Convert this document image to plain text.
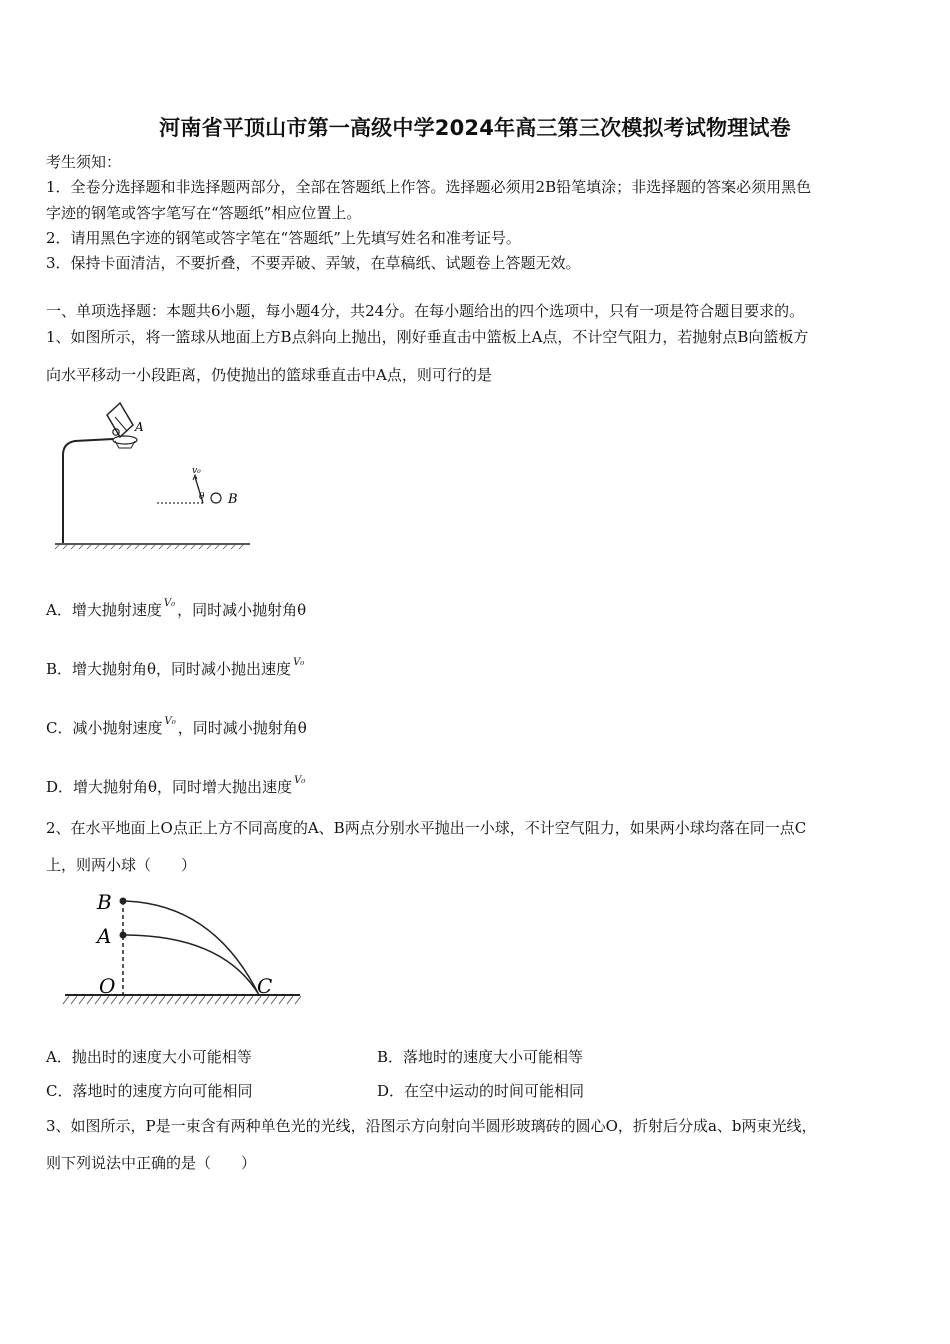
河南省平顶山市第一高级中学2024年高三第三次模拟考试物理试卷
考生须知：
1．全卷分选择题和非选择题两部分，全部在答题纸上作答。选择题必须用2B铅笔填涂；非选择题的答案必须用黑色
字迹的钢笔或答字笔写在“答题纸”相应位置上。
2．请用黑色字迹的钢笔或答字笔在“答题纸”上先填写姓名和准考证号。
3．保持卡面清洁，不要折叠，不要弄破、弄皱，在草稿纸、试题卷上答题无效。
一、单项选择题：本题共6小题，每小题4分，共24分。在每小题给出的四个选项中，只有一项是符合题目要求的。
1、如图所示，将一篮球从地面上方B点斜向上抛出，刚好垂直击中篮板上A点，不计空气阻力，若抛射点B向篮板方
向水平移动一小段距离，仍使抛出的篮球垂直击中A点，则可行的是
A
v₀
θ B
A．增大抛射速度 $^{V_0}$ ，同时减小抛射角θ
B．增大抛射角θ，同时减小抛出速度 $^{V_0}$
C．减小抛射速度 $^{V_0}$ ，同时减小抛射角θ
D．增大抛射角θ，同时增大抛出速度 $^{V_0}$
2、在水平地面上O点正上方不同高度的A、B两点分别水平抛出一小球，不计空气阻力，如果两小球均落在同一点C
上，则两小球（　　）
B
A
O	C
A．抛出时的速度大小可能相等	B．落地时的速度大小可能相等
C．落地时的速度方向可能相同	D．在空中运动的时间可能相同
3、如图所示，P是一束含有两种单色光的光线，沿图示方向射向半圆形玻璃砖的圆心O，折射后分成a、b两束光线，
则下列说法中正确的是（　　）
